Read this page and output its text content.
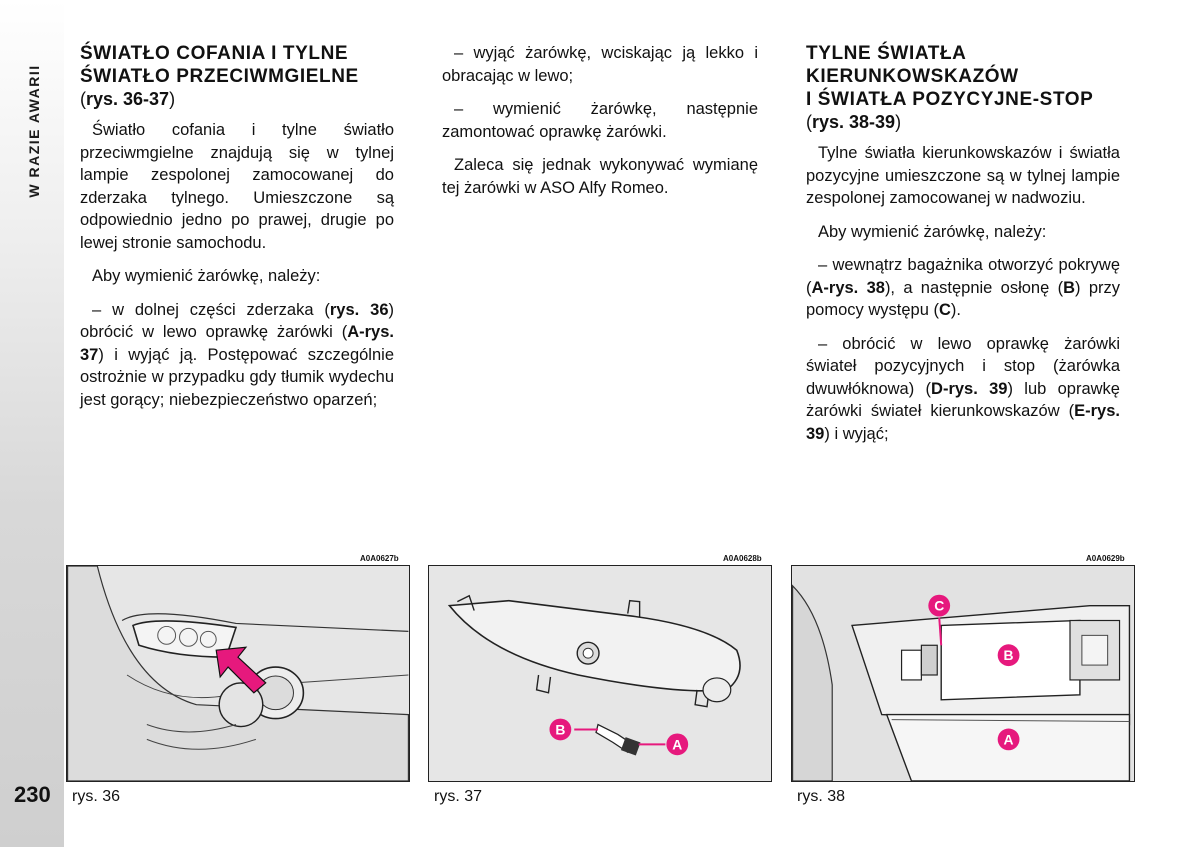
W RAZIE AWARII
230
ŚWIATŁO COFANIA I TYLNE
ŚWIATŁO PRZECIWMGIELNE
(rys. 36-37)

Światło cofania i tylne światło przeciwmgielne znajdują się w tylnej lampie zespolonej zamocowanej do zderzaka tylnego. Umieszczone są odpowiednio jedno po prawej, drugie po lewej stronie samochodu.

Aby wymienić żarówkę, należy:

– w dolnej części zderzaka (rys. 36) obrócić w lewo oprawkę żarówki (A-rys. 37) i wyjąć ją. Postępować szczególnie ostrożnie w przypadku gdy tłumik wydechu jest gorący; niebezpieczeństwo oparzeń;

– wyjąć żarówkę, wciskając ją lekko i obracając w lewo;

– wymienić żarówkę, następnie zamontować oprawkę żarówki.

Zaleca się jednak wykonywać wymianę tej żarówki w ASO Alfy Romeo.

TYLNE ŚWIATŁA
KIERUNKOWSKAZÓW
I ŚWIATŁA POZYCYJNE-STOP
(rys. 38-39)

Tylne światła kierunkowskazów i światła pozycyjne umieszczone są w tylnej lampie zespolonej zamocowanej w nadwoziu.

Aby wymienić żarówkę, należy:

– wewnątrz bagażnika otworzyć pokrywę (A-rys. 38), a następnie osłonę (B) przy pomocy występu (C).

– obrócić w lewo oprawkę żarówki świateł pozycyjnych i stop (żarówka dwuwłóknowa) (D-rys. 39) lub oprawkę żarówki świateł kierunkowskazów (E-rys. 39) i wyjąć;

A0A0627b	A0A0628b	A0A0629b
B
A
C
B
A
rys. 36	rys. 37	rys. 38
